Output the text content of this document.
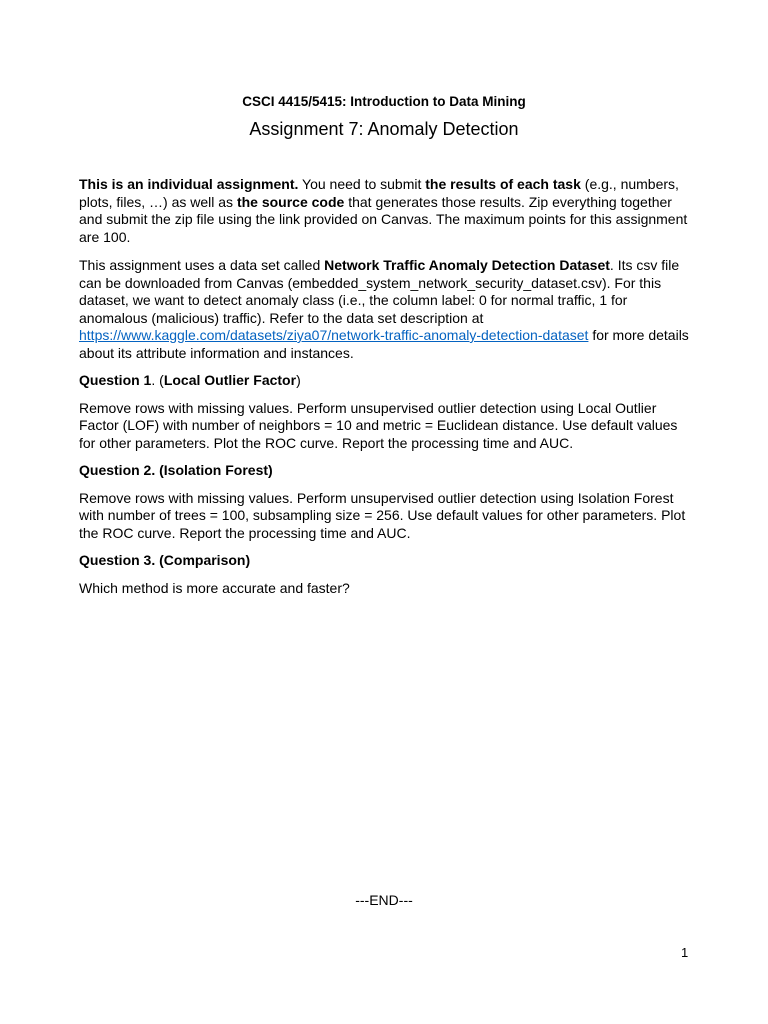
CSCI 4415/5415: Introduction to Data Mining
Assignment 7: Anomaly Detection

This is an individual assignment. You need to submit the results of each task (e.g., numbers, plots, files, …) as well as the source code that generates those results. Zip everything together and submit the zip file using the link provided on Canvas. The maximum points for this assignment are 100.

This assignment uses a data set called Network Traffic Anomaly Detection Dataset. Its csv file can be downloaded from Canvas (embedded_system_network_security_dataset.csv). For this dataset, we want to detect anomaly class (i.e., the column label: 0 for normal traffic, 1 for anomalous (malicious) traffic). Refer to the data set description at https://www.kaggle.com/datasets/ziya07/network-traffic-anomaly-detection-dataset for more details about its attribute information and instances.

Question 1. (Local Outlier Factor)

Remove rows with missing values. Perform unsupervised outlier detection using Local Outlier Factor (LOF) with number of neighbors = 10 and metric = Euclidean distance. Use default values for other parameters. Plot the ROC curve. Report the processing time and AUC.

Question 2. (Isolation Forest)

Remove rows with missing values. Perform unsupervised outlier detection using Isolation Forest with number of trees = 100, subsampling size = 256. Use default values for other parameters. Plot the ROC curve. Report the processing time and AUC.

Question 3. (Comparison)

Which method is more accurate and faster?

---END---
1
